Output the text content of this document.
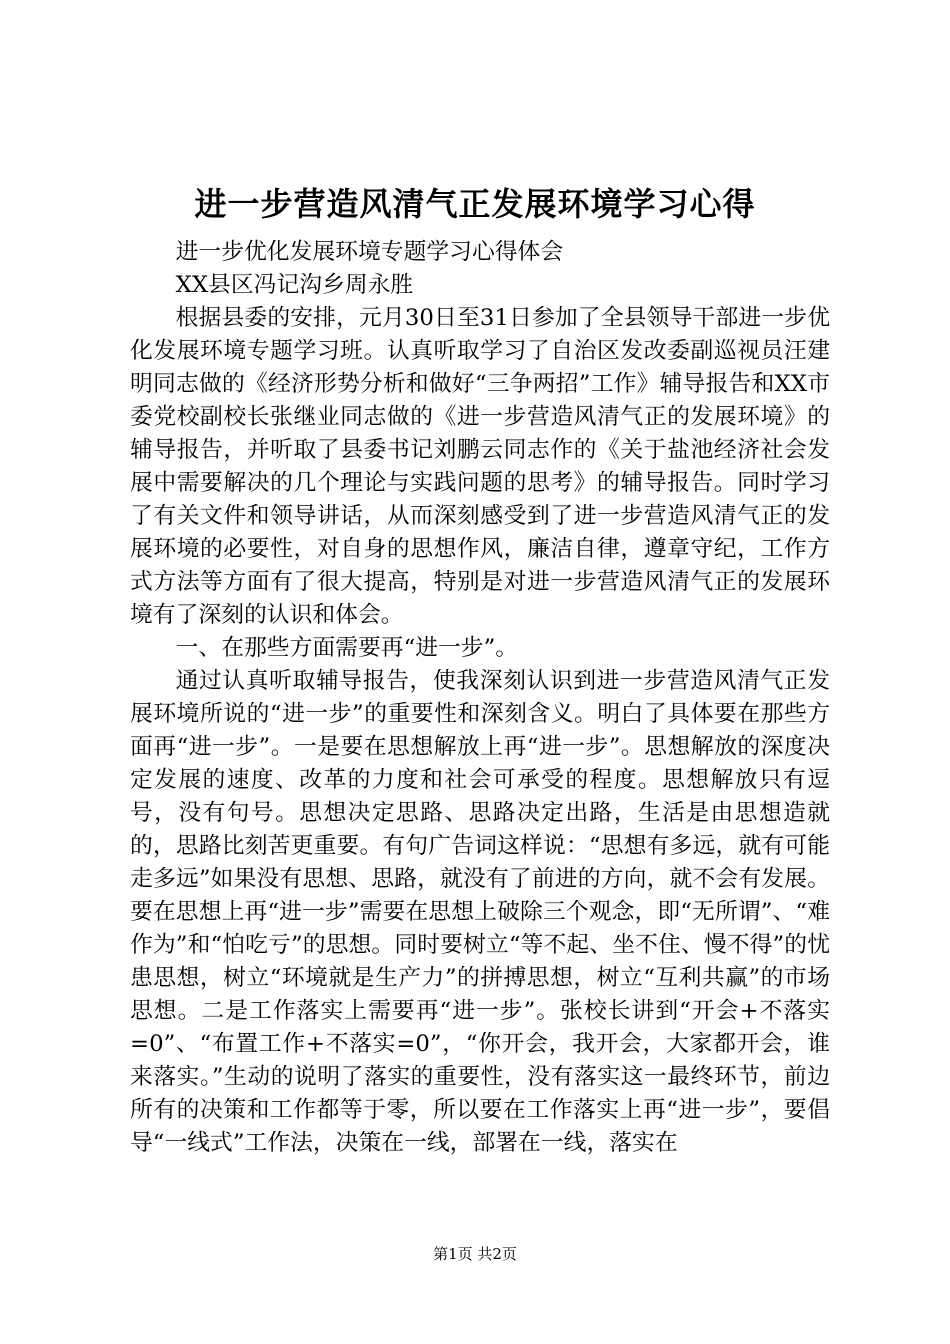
进一步营造风清气正发展环境学习心得

进一步优化发展环境专题学习心得体会

XX县区冯记沟乡周永胜

根据县委的安排，元月30日至31日参加了全县领导干部进一步优化发展环境专题学习班。认真听取学习了自治区发改委副巡视员汪建明同志做的《经济形势分析和做好“三争两招”工作》辅导报告和XX市委党校副校长张继业同志做的《进一步营造风清气正的发展环境》的辅导报告，并听取了县委书记刘鹏云同志作的《关于盐池经济社会发展中需要解决的几个理论与实践问题的思考》的辅导报告。同时学习了有关文件和领导讲话，从而深刻感受到了进一步营造风清气正的发展环境的必要性，对自身的思想作风，廉洁自律，遵章守纪，工作方式方法等方面有了很大提高，特别是对进一步营造风清气正的发展环境有了深刻的认识和体会。

一、在那些方面需要再“进一步”。

通过认真听取辅导报告，使我深刻认识到进一步营造风清气正发展环境所说的“进一步”的重要性和深刻含义。明白了具体要在那些方面再“进一步”。一是要在思想解放上再“进一步”。思想解放的深度决定发展的速度、改革的力度和社会可承受的程度。思想解放只有逗号，没有句号。思想决定思路、思路决定出路，生活是由思想造就的，思路比刻苦更重要。有句广告词这样说：“思想有多远，就有可能走多远”如果没有思想、思路，就没有了前进的方向，就不会有发展。要在思想上再“进一步”需要在思想上破除三个观念，即“无所谓”、“难作为”和“怕吃亏”的思想。同时要树立“等不起、坐不住、慢不得”的忧患思想，树立“环境就是生产力”的拼搏思想，树立“互利共赢”的市场思想。二是工作落实上需要再“进一步”。张校长讲到“开会+不落实=0”、“布置工作+不落实=0”，“你开会，我开会，大家都开会，谁来落实。”生动的说明了落实的重要性，没有落实这一最终环节，前边所有的决策和工作都等于零，所以要在工作落实上再“进一步”，要倡导“一线式”工作法，决策在一线，部署在一线，落实在

第1页 共2页
